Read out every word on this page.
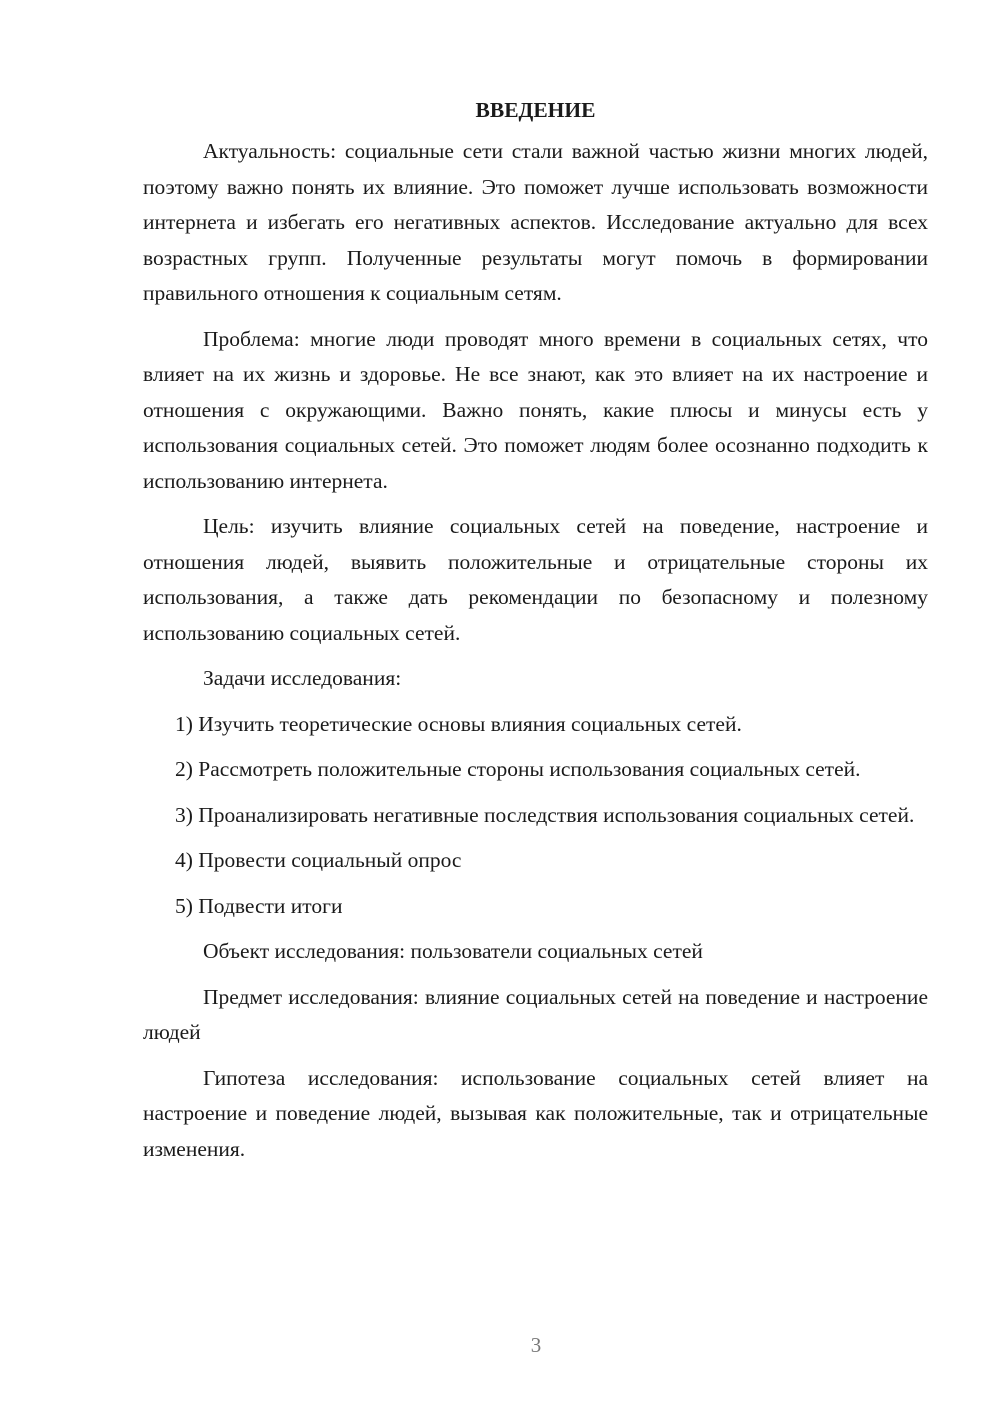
ВВЕДЕНИЕ

Актуальность: социальные сети стали важной частью жизни многих людей, поэтому важно понять их влияние. Это поможет лучше использовать возможности интернета и избегать его негативных аспектов. Исследование актуально для всех возрастных групп. Полученные результаты могут помочь в формировании правильного отношения к социальным сетям.

Проблема: многие люди проводят много времени в социальных сетях, что влияет на их жизнь и здоровье. Не все знают, как это влияет на их настроение и отношения с окружающими. Важно понять, какие плюсы и минусы есть у использования социальных сетей. Это поможет людям более осознанно подходить к использованию интернета.

Цель: изучить влияние социальных сетей на поведение, настроение и отношения людей, выявить положительные и отрицательные стороны их использования, а также дать рекомендации по безопасному и полезному использованию социальных сетей.

Задачи исследования:

1) Изучить теоретические основы влияния социальных сетей.

2) Рассмотреть положительные стороны использования социальных сетей.

3) Проанализировать негативные последствия использования социальных сетей.

4) Провести социальный опрос

5) Подвести итоги

Объект исследования: пользователи социальных сетей

Предмет исследования: влияние социальных сетей на поведение и настроение людей

Гипотеза исследования: использование социальных сетей влияет на настроение и поведение людей, вызывая как положительные, так и отрицательные изменения.

3
